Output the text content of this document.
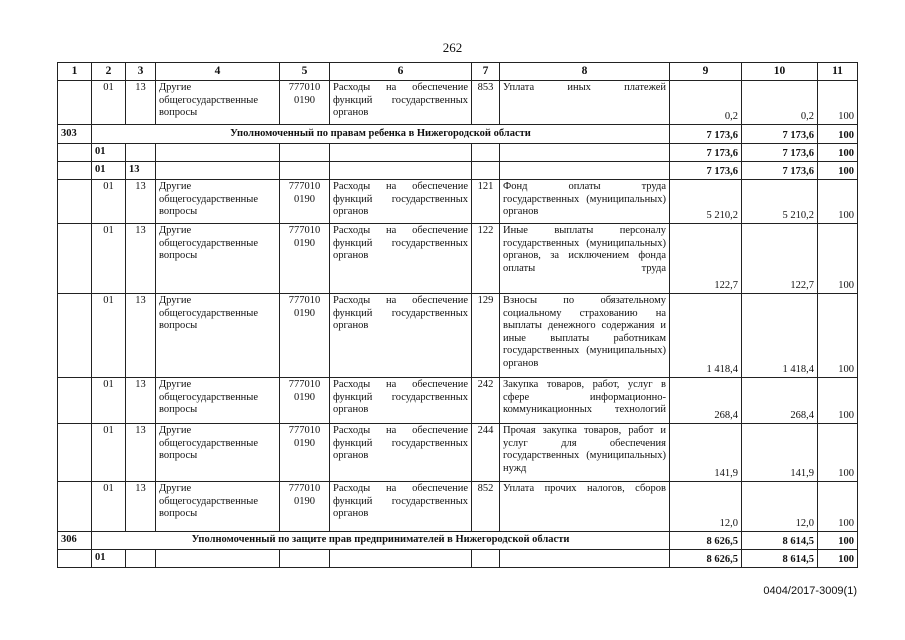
262
1	2	3	4	5	6	7	8	9	10	11
	01	13	Другие общегосударственные вопросы	777010 0190	Расходы на обеспечение функций государственных органов	853	Уплата иных платежей	0,2	0,2	100
303	Уполномоченный по правам ребенка в Нижегородской области							7 173,6	7 173,6	100
	01							7 173,6	7 173,6	100
	01	13						7 173,6	7 173,6	100
	01	13	Другие общегосударственные вопросы	777010 0190	Расходы на обеспечение функций государственных органов	121	Фонд оплаты труда государственных (муниципальных) органов	5 210,2	5 210,2	100
	01	13	Другие общегосударственные вопросы	777010 0190	Расходы на обеспечение функций государственных органов	122	Иные выплаты персоналу государственных (муниципальных) органов, за исключением фонда оплаты труда	122,7	122,7	100
	01	13	Другие общегосударственные вопросы	777010 0190	Расходы на обеспечение функций государственных органов	129	Взносы по обязательному социальному страхованию на выплаты денежного содержания и иные выплаты работникам государственных (муниципальных) органов	1 418,4	1 418,4	100
	01	13	Другие общегосударственные вопросы	777010 0190	Расходы на обеспечение функций государственных органов	242	Закупка товаров, работ, услуг в сфере информационно-коммуникационных технологий	268,4	268,4	100
	01	13	Другие общегосударственные вопросы	777010 0190	Расходы на обеспечение функций государственных органов	244	Прочая закупка товаров, работ и услуг для обеспечения государственных (муниципальных) нужд	141,9	141,9	100
	01	13	Другие общегосударственные вопросы	777010 0190	Расходы на обеспечение функций государственных органов	852	Уплата прочих налогов, сборов	12,0	12,0	100
306	Уполномоченный по защите прав предпринимателей в Нижегородской области							8 626,5	8 614,5	100
	01							8 626,5	8 614,5	100
0404/2017-3009(1)
